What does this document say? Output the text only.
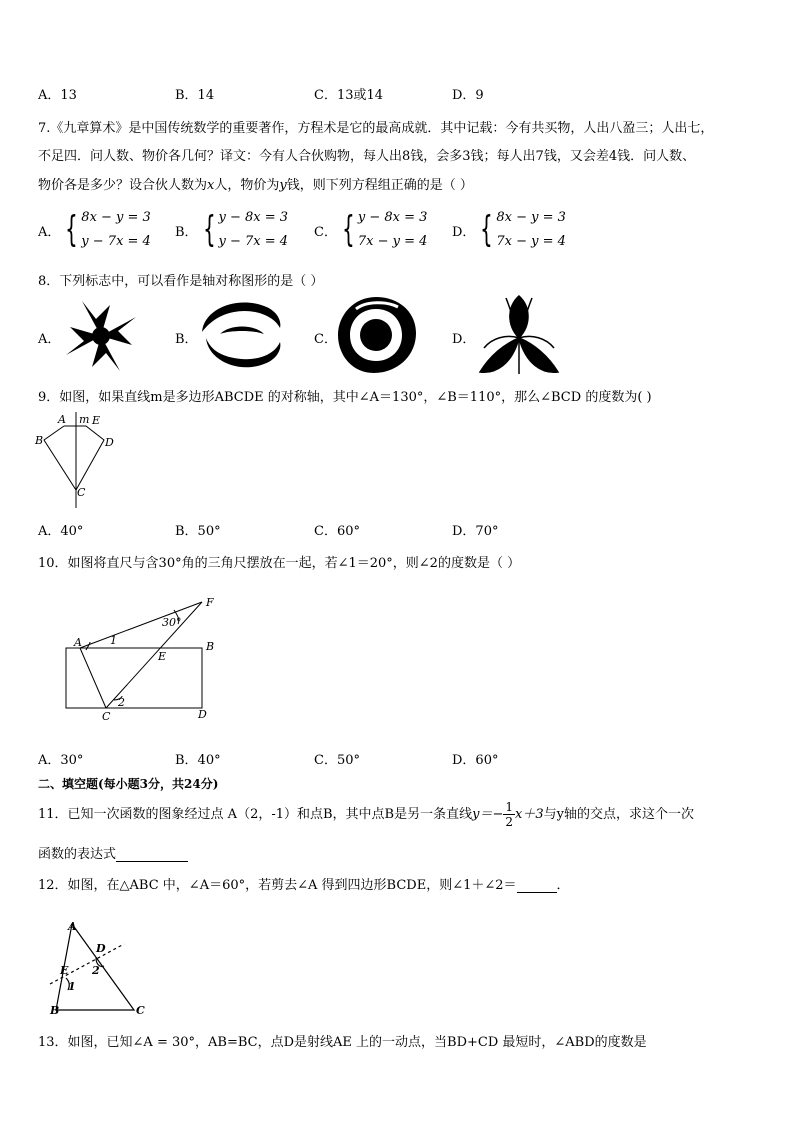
A．13	B．14	C．13或14	D．9
7.《九章算术》是中国传统数学的重要著作，方程术是它的最高成就．其中记载：今有共买物，人出八盈三；人出七，
不足四．问人数、物价各几何？译文：今有人合伙购物，每人出8钱，会多3钱；每人出7钱，又会差4钱．问人数、
物价各是多少？设合伙人数为x人，物价为y钱，则下列方程组正确的是（ ）
A． { 8x − y = 3
y − 7x = 4
B． { y − 8x = 3
y − 7x = 4
C． { y − 8x = 3
7x − y = 4
D． { 8x − y = 3
7x − y = 4
8．下列标志中，可以看作是轴对称图形的是（ ）
A．	B．	C．	D．
9．如图，如果直线m是多边形ABCDE 的对称轴，其中∠A＝130°，∠B＝110°，那么∠BCD 的度数为( )
A m E
B	D
C
A．40°	B．50°	C．60°	D．70°
10．如图将直尺与含30°角的三角尺摆放在一起，若∠1＝20°，则∠2的度数是（ ）
F
30°
A	1	B
E
2
C	D
A．30°	B．40°	C．50°	D．60°
二、填空题(每小题3分，共24分)
11．已知一次函数的图象经过点 A（2，-1）和点B，其中点B是另一条直线$y=- \frac{1}{2} x+3$与y轴的交点，求这个一次
函数的表达式
12．如图，在△ABC 中，∠A＝60°，若剪去∠A 得到四边形BCDE，则∠1＋∠2＝	．
A
D
E 2
1
B	C
13．如图，已知∠A = 30°，AB=BC，点D是射线AE 上的一动点，当BD+CD 最短时，∠ABD的度数是
